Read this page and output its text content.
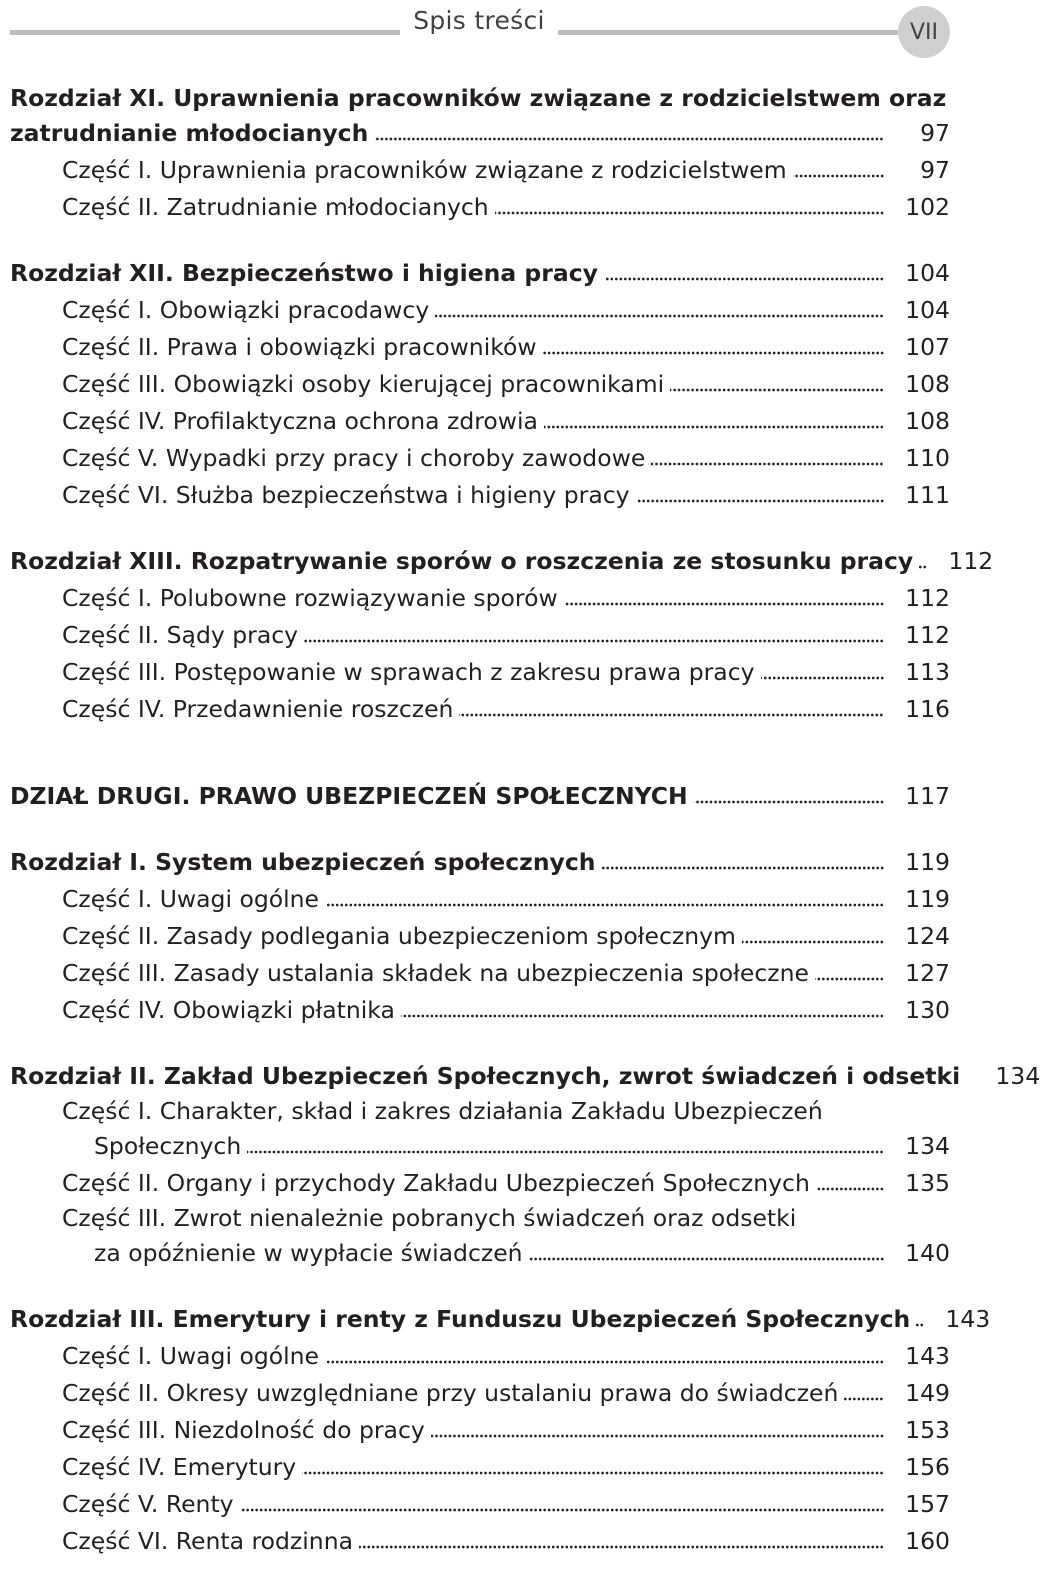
Spis treści	VII
Rozdział XI. Uprawnienia pracowników związane z rodzicielstwem oraz
zatrudnianie młodocianych	97
Część I. Uprawnienia pracowników związane z rodzicielstwem	97
Część II. Zatrudnianie młodocianych	102
Rozdział XII. Bezpieczeństwo i higiena pracy	104
Część I. Obowiązki pracodawcy	104
Część II. Prawa i obowiązki pracowników	107
Część III. Obowiązki osoby kierującej pracownikami	108
Część IV. Profilaktyczna ochrona zdrowia	108
Część V. Wypadki przy pracy i choroby zawodowe	110
Część VI. Służba bezpieczeństwa i higieny pracy	111
Rozdział XIII. Rozpatrywanie sporów o roszczenia ze stosunku pracy 112
Część I. Polubowne rozwiązywanie sporów	112
Część II. Sądy pracy	112
Część III. Postępowanie w sprawach z zakresu prawa pracy	113
Część IV. Przedawnienie roszczeń	116
DZIAŁ DRUGI. PRAWO UBEZPIECZEŃ SPOŁECZNYCH	117
Rozdział I. System ubezpieczeń społecznych	119
Część I. Uwagi ogólne	119
Część II. Zasady podlegania ubezpieczeniom społecznym	124
Część III. Zasady ustalania składek na ubezpieczenia społeczne	127
Część IV. Obowiązki płatnika	130
Rozdział II. Zakład Ubezpieczeń Społecznych, zwrot świadczeń i odsetki 134
Część I. Charakter, skład i zakres działania Zakładu Ubezpieczeń
Społecznych	134
Część II. Organy i przychody Zakładu Ubezpieczeń Społecznych	135
Część III. Zwrot nienależnie pobranych świadczeń oraz odsetki
za opóźnienie w wypłacie świadczeń	140
Rozdział III. Emerytury i renty z Funduszu Ubezpieczeń Społecznych 143
Część I. Uwagi ogólne	143
Część II. Okresy uwzględniane przy ustalaniu prawa do świadczeń	149
Część III. Niezdolność do pracy	153
Część IV. Emerytury	156
Część V. Renty	157
Część VI. Renta rodzinna	160
